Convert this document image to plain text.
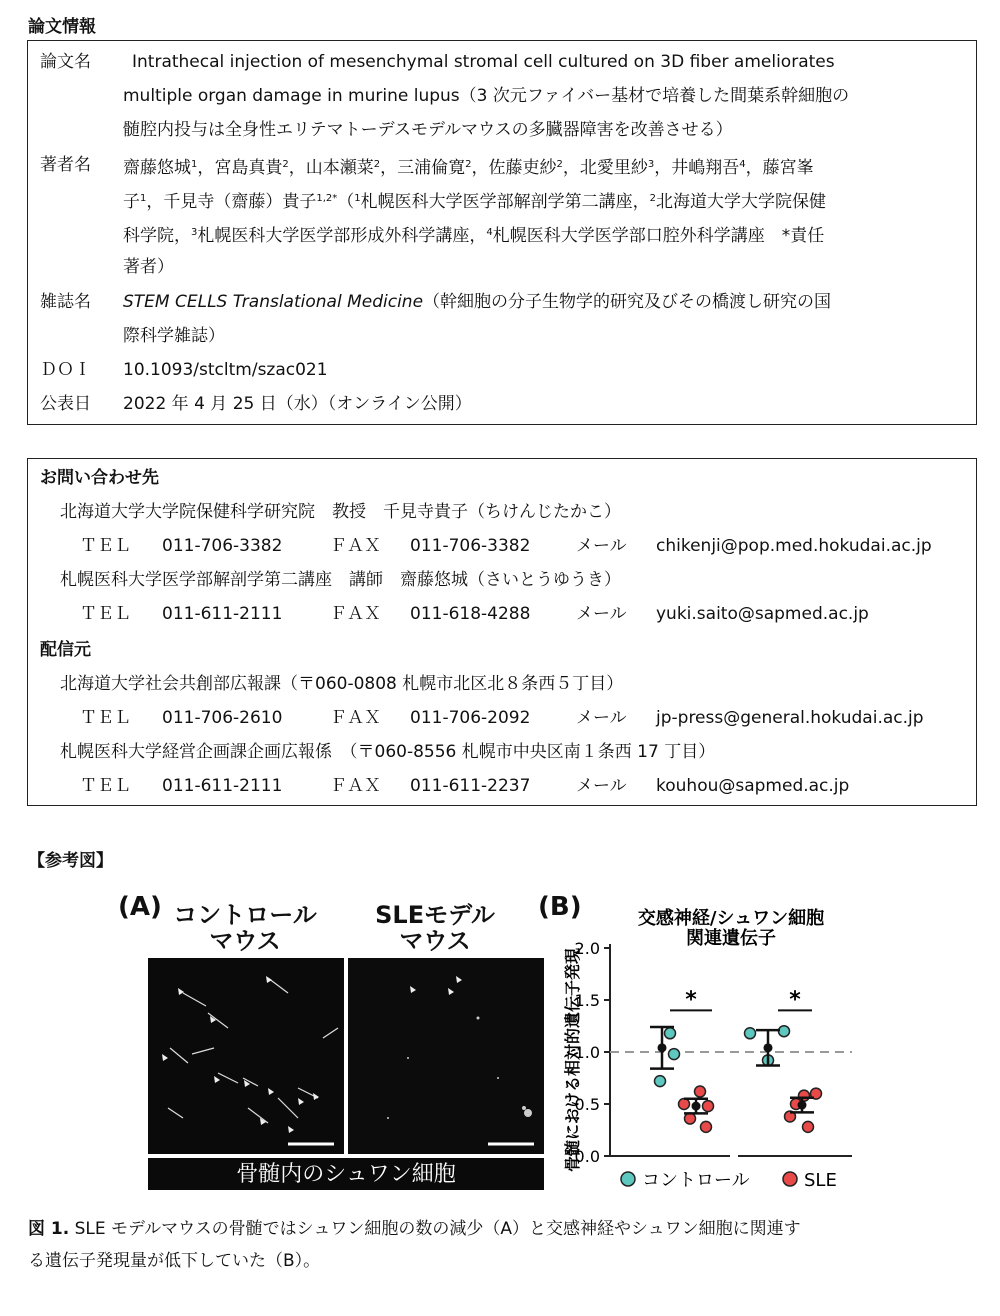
論文情報
論文名	Intrathecal injection of mesenchymal stromal cell cultured on 3D fiber ameliorates
multiple organ damage in murine lupus（3 次元ファイバー基材で培養した間葉系幹細胞の
髄腔内投与は全身性エリテマトーデスモデルマウスの多臓器障害を改善させる）
著者名	齋藤悠城$^1$，宮島真貴$^2$，山本瀬菜$^2$，三浦倫寛$^2$，佐藤吏紗$^2$，北愛里紗$^3$，井嶋翔吾$^4$，藤宮峯
子$^1$，千見寺（齋藤）貴子$^{1,2*}$（$^1$札幌医科大学医学部解剖学第二講座，$^2$北海道大学大学院保健
科学院，$^3$札幌医科大学医学部形成外科学講座，$^4$札幌医科大学医学部口腔外科学講座　*責任
著者）
雑誌名	STEM CELLS Translational Medicine（幹細胞の分子生物学的研究及びその橋渡し研究の国
際科学雑誌）
ＤＯＩ	10.1093/stcltm/szac021
公表日	2022 年 4 月 25 日（水）（オンライン公開）
お問い合わせ先
北海道大学大学院保健科学研究院　教授　千見寺貴子（ちけんじたかこ）
ＴＥＬ 011-706-3382	ＦＡＸ 011-706-3382	メール chikenji@pop.med.hokudai.ac.jp
札幌医科大学医学部解剖学第二講座　講師　齋藤悠城（さいとうゆうき）
ＴＥＬ 011-611-2111	ＦＡＸ 011-618-4288	メール yuki.saito@sapmed.ac.jp
配信元
北海道大学社会共創部広報課（〒060-0808 札幌市北区北８条西５丁目）
ＴＥＬ 011-706-2610	ＦＡＸ 011-706-2092	メール jp-press@general.hokudai.ac.jp
札幌医科大学経営企画課企画広報係　（〒060-8556 札幌市中央区南１条西 17 丁目）
ＴＥＬ 011-611-2111	ＦＡＸ 011-611-2237	メール kouhou@sapmed.ac.jp
【参考図】
(A) コントロール
マウス
SLEモデル
マウス
骨髄内のシュワン細胞
(B)	交感神経/シュワン細胞
関連遺伝子
骨髄における相対的遺伝子発現
0.0
0.5
1.0
1.5
2.0
*	*
コントロール	SLE
図 1. SLE モデルマウスの骨髄ではシュワン細胞の数の減少（A）と交感神経やシュワン細胞に関連す
る遺伝子発現量が低下していた（B）。
